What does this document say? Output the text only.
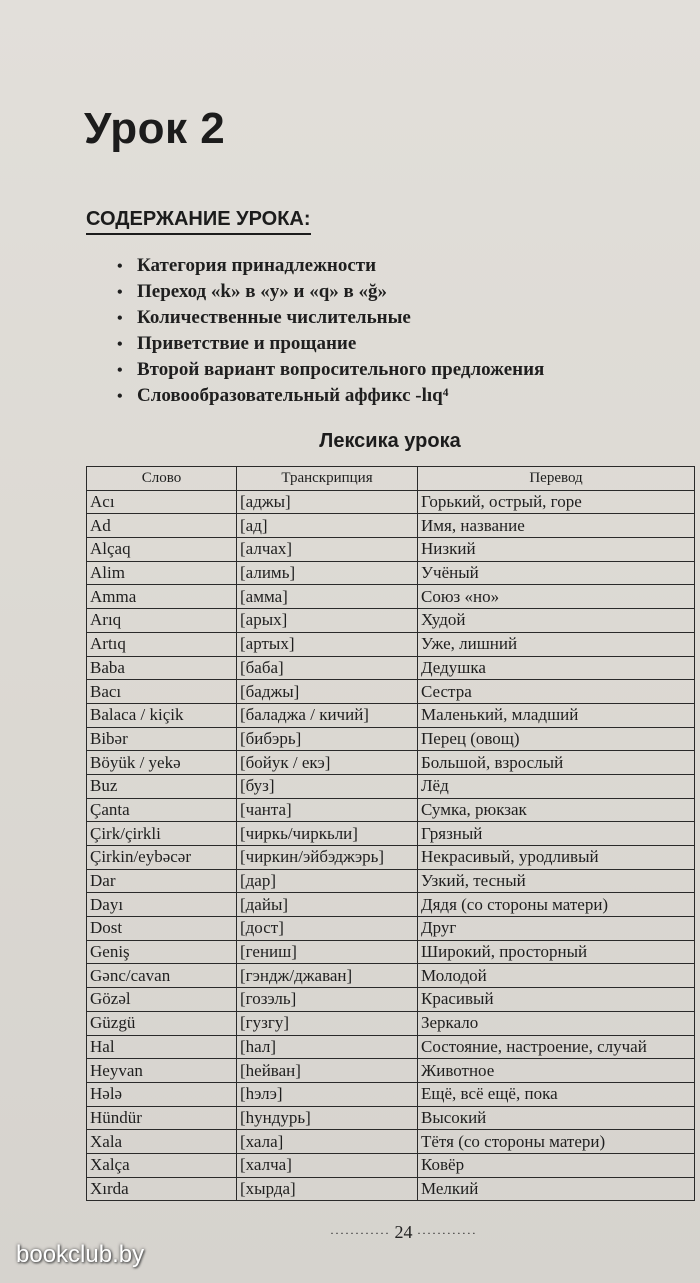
Урок 2
СОДЕРЖАНИЕ УРОКА:
• Категория принадлежности
• Переход «k» в «y» и «q» в «ğ»
• Количественные числительные
• Приветствие и прощание
• Второй вариант вопросительного предложения
• Словообразовательный аффикс -lıq⁴
Лексика урока
Слово	Транскрипция	Перевод
Acı	[аджы]	Горький, острый, горе
Ad	[ад]	Имя, название
Alçaq	[алчах]	Низкий
Alim	[алимь]	Учёный
Amma	[амма]	Союз «но»
Arıq	[арых]	Худой
Artıq	[артых]	Уже, лишний
Baba	[баба]	Дедушка
Bacı	[баджы]	Сестра
Balaca / kiçik	[баладжа / кичий]	Маленький, младший
Bibər	[бибэрь]	Перец (овощ)
Böyük / yekə	[бойук / екэ]	Большой, взрослый
Buz	[буз]	Лёд
Çanta	[чанта]	Сумка, рюкзак
Çirk/çirkli	[чиркь/чиркьли]	Грязный
Çirkin/eybəcər	[чиркин/эйбэджэрь]	Некрасивый, уродливый
Dar	[дар]	Узкий, тесный
Dayı	[дайы]	Дядя (со стороны матери)
Dost	[дост]	Друг
Geniş	[гениш]	Широкий, просторный
Gənc/cavan	[гэндж/джаван]	Молодой
Gözəl	[гозэль]	Красивый
Güzgü	[гузгу]	Зеркало
Hal	[hал]	Состояние, настроение, случай
Heyvan	[hейван]	Животное
Hələ	[hэлэ]	Ещё, всё ещё, пока
Hündür	[hундурь]	Высокий
Xala	[хала]	Тётя (со стороны матери)
Xalça	[халча]	Ковёр
Xırda	[хырда]	Мелкий
············ 24 ············
bookclub.by
